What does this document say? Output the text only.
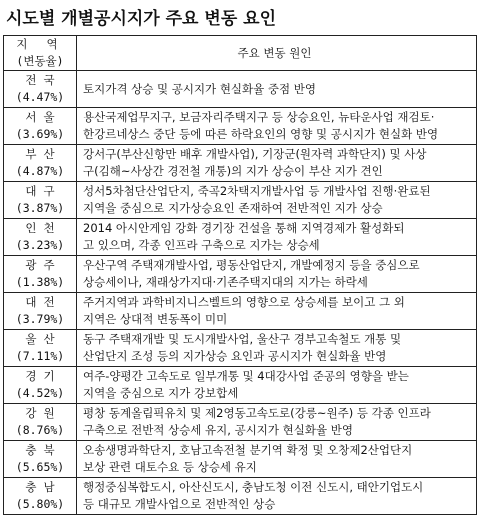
시도별 개별공시지가 주요 변동 요인
지 역
(변동율)	주요 변동 원인

전 국
(4.47%)	토지가격 상승 및 공시지가 현실화율 중점 반영

서 울
(3.69%)	용산국제업무지구, 보금자리주택지구 등 상승요인, 뉴타운사업 재검토·
한강르네상스 중단 등에 따른 하락요인의 영향 및 공시지가 현실화 반영

부 산
(4.87%)	강서구(부산신항만 배후 개발사업), 기장군(원자력 과학단지) 및 사상
구(김해~사상간 경전철 개통)의 지가 상승이 부산 지가 견인

대 구
(3.87%)	성서5차첨단산업단지, 죽곡2차택지개발사업 등 개발사업 진행·완료된
지역을 중심으로 지가상승요인 존재하여 전반적인 지가 상승

인 천
(3.23%)	2014 아시안게임 강화 경기장 건설을 통해 지역경제가 활성화되
고 있으며, 각종 인프라 구축으로 지가는 상승세

광 주
(1.38%)	우산구역 주택재개발사업, 평동산업단지, 개발예정지 등을 중심으로
상승세이나, 재래상가지대·기존주택지대의 지가는 하락세

대 전
(3.79%)	주거지역과 과학비지니스벨트의 영향으로 상승세를 보이고 그 외
지역은 상대적 변동폭이 미미

울 산
(7.11%)	동구 주택재개발 및 도시개발사업, 울산구 경부고속철도 개통 및
산업단지 조성 등의 지가상승 요인과 공시지가 현실화율 반영

경 기
(4.52%)	여주-양평간 고속도로 일부개통 및 4대강사업 준공의 영향을 받는
지역을 중심으로 지가 강보합세

강 원
(8.76%)	평창 동계올림픽유치 및 제2영동고속도로(강릉~원주) 등 각종 인프라
구축으로 전반적 상승세 유지, 공시지가 현실화율 반영

충 북
(5.65%)	오송생명과학단지, 호남고속전철 분기역 확정 및 오창제2산업단지
보상 관련 대토수요 등 상승세 유지

충 남
(5.80%)	행정중심복합도시, 아산신도시, 충남도청 이전 신도시, 태안기업도시
등 대규모 개발사업으로 전반적인 상승
